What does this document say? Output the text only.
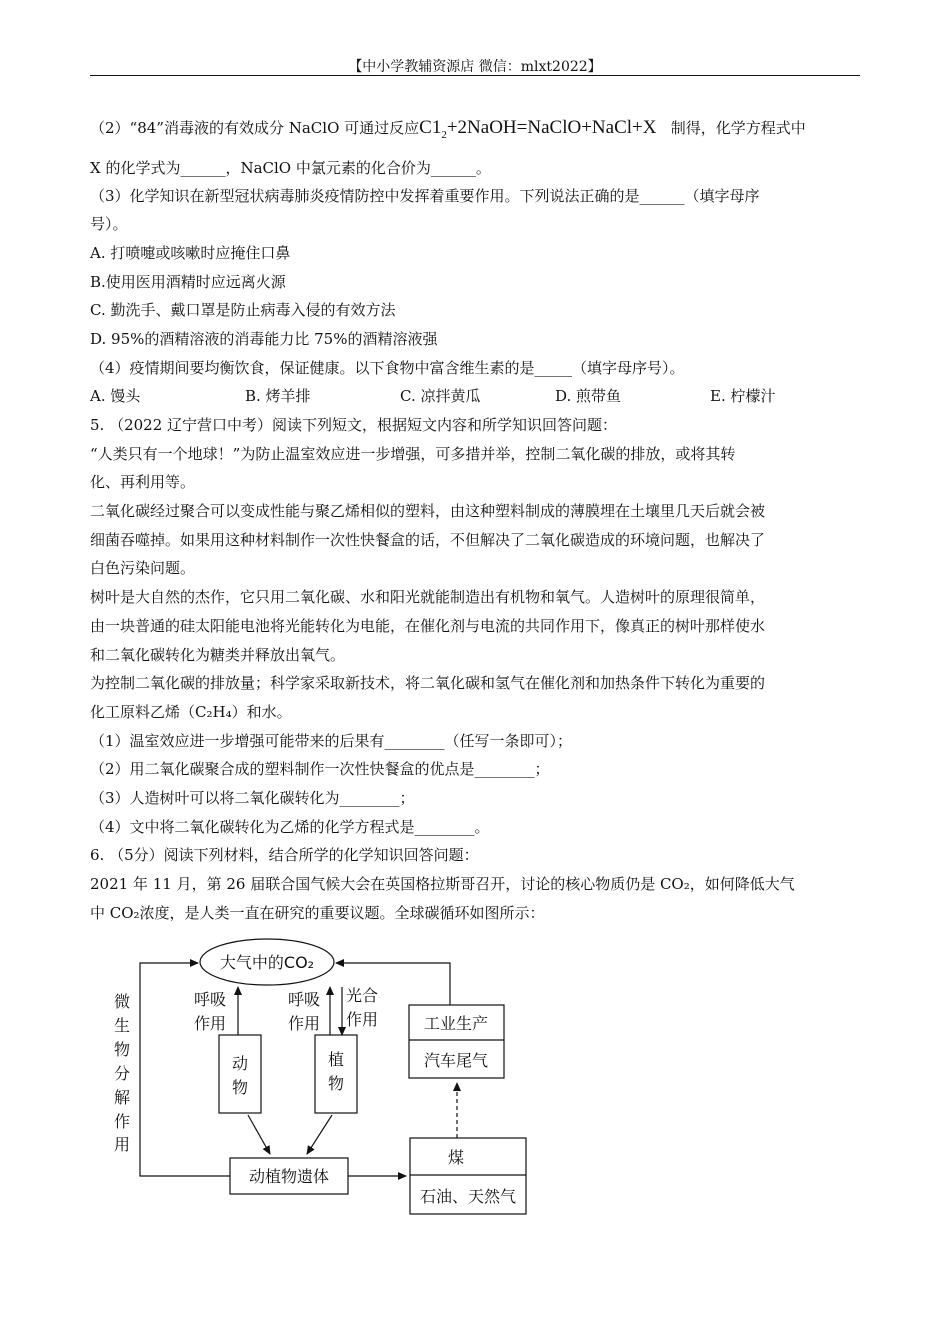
【中小学教辅资源店 微信：mlxt2022】
（2）“84”消毒液的有效成分 NaClO 可通过反应$C1_2+2NaOH=NaClO+NaCl+X$ 制得，化学方程式中
X 的化学式为______，NaClO 中氯元素的化合价为______。
（3）化学知识在新型冠状病毒肺炎疫情防控中发挥着重要作用。下列说法正确的是______（填字母序
号）。
A. 打喷嚏或咳嗽时应掩住口鼻
B.使用医用酒精时应远离火源
C. 勤洗手、戴口罩是防止病毒入侵的有效方法
D. 95%的酒精溶液的消毒能力比 75%的酒精溶液强
（4）疫情期间要均衡饮食，保证健康。以下食物中富含维生素的是_____（填字母序号）。
A. 馒头	B. 烤羊排	C. 凉拌黄瓜	D. 煎带鱼	E. 柠檬汁
5. （2022 辽宁营口中考）阅读下列短文，根据短文内容和所学知识回答问题：
“人类只有一个地球！”为防止温室效应进一步增强，可多措并举，控制二氧化碳的排放，或将其转
化、再利用等。
二氧化碳经过聚合可以变成性能与聚乙烯相似的塑料，由这种塑料制成的薄膜埋在土壤里几天后就会被
细菌吞噬掉。如果用这种材料制作一次性快餐盒的话，不但解决了二氧化碳造成的环境问题，也解决了
白色污染问题。
树叶是大自然的杰作，它只用二氧化碳、水和阳光就能制造出有机物和氧气。人造树叶的原理很简单，
由一块普通的硅太阳能电池将光能转化为电能，在催化剂与电流的共同作用下，像真正的树叶那样使水
和二氧化碳转化为糖类并释放出氧气。
为控制二氧化碳的排放量；科学家采取新技术，将二氧化碳和氢气在催化剂和加热条件下转化为重要的
化工原料乙烯（C₂H₄）和水。
（1）温室效应进一步增强可能带来的后果有________（任写一条即可）；
（2）用二氧化碳聚合成的塑料制作一次性快餐盒的优点是________；
（3）人造树叶可以将二氧化碳转化为________；
（4）文中将二氧化碳转化为乙烯的化学方程式是________。
6. （5分）阅读下列材料，结合所学的化学知识回答问题：
2021 年 11 月，第 26 届联合国气候大会在英国格拉斯哥召开，讨论的核心物质仍是 CO₂，如何降低大气
中 CO₂浓度，是人类一直在研究的重要议题。全球碳循环如图所示：
大气中的CO₂
呼吸
作用
呼吸
作用
光合
作用
动
物
植
物
微
生
物
分
解
作
用
动植物遗体
煤
石油、天然气
工业生产
汽车尾气
